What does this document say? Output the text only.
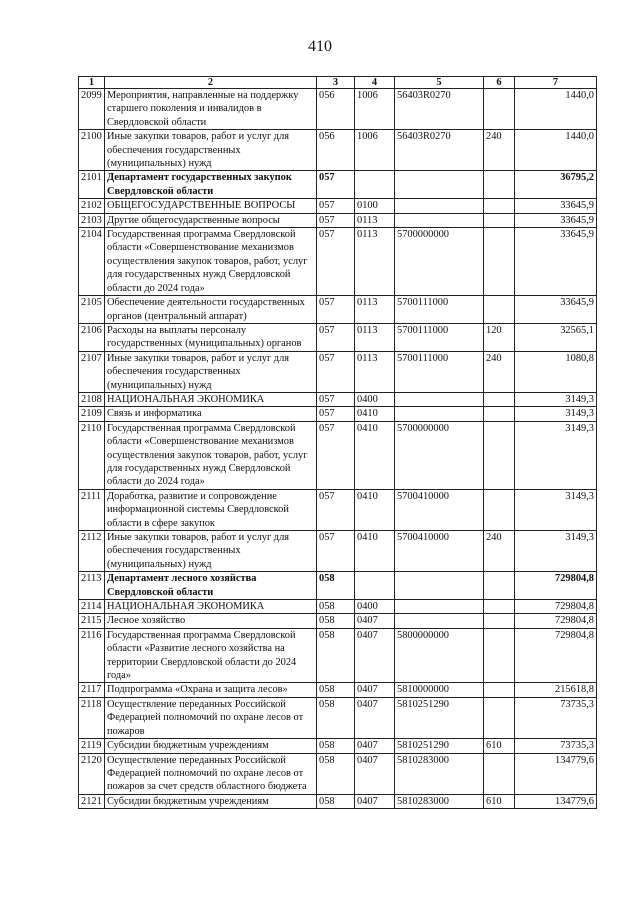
410
1	2	3	4	5	6	7
2099	Мероприятия, направленные на поддержку старшего поколения и инвалидов в Свердловской области	056	1006	56403R0270		1440,0
2100	Иные закупки товаров, работ и услуг для обеспечения государственных (муниципальных) нужд	056	1006	56403R0270	240	1440,0
2101	Департамент государственных закупок Свердловской области	057				36795,2
2102	ОБЩЕГОСУДАРСТВЕННЫЕ ВОПРОСЫ	057	0100			33645,9
2103	Другие общегосударственные вопросы	057	0113			33645,9
2104	Государственная программа Свердловской области «Совершенствование механизмов осуществления закупок товаров, работ, услуг для государственных нужд Свердловской области до 2024 года»	057	0113	5700000000		33645,9
2105	Обеспечение деятельности государственных органов (центральный аппарат)	057	0113	5700111000		33645,9
2106	Расходы на выплаты персоналу государственных (муниципальных) органов	057	0113	5700111000	120	32565,1
2107	Иные закупки товаров, работ и услуг для обеспечения государственных (муниципальных) нужд	057	0113	5700111000	240	1080,8
2108	НАЦИОНАЛЬНАЯ ЭКОНОМИКА	057	0400			3149,3
2109	Связь и информатика	057	0410			3149,3
2110	Государственная программа Свердловской области «Совершенствование механизмов осуществления закупок товаров, работ, услуг для государственных нужд Свердловской области до 2024 года»	057	0410	5700000000		3149,3
2111	Доработка, развитие и сопровождение информационной системы Свердловской области в сфере закупок	057	0410	5700410000		3149,3
2112	Иные закупки товаров, работ и услуг для обеспечения государственных (муниципальных) нужд	057	0410	5700410000	240	3149,3
2113	Департамент лесного хозяйства Свердловской области	058				729804,8
2114	НАЦИОНАЛЬНАЯ ЭКОНОМИКА	058	0400			729804,8
2115	Лесное хозяйство	058	0407			729804,8
2116	Государственная программа Свердловской области «Развитие лесного хозяйства на территории Свердловской области до 2024 года»	058	0407	5800000000		729804,8
2117	Подпрограмма «Охрана и защита лесов»	058	0407	5810000000		215618,8
2118	Осуществление переданных Российской Федерацией полномочий по охране лесов от пожаров	058	0407	5810251290		73735,3
2119	Субсидии бюджетным учреждениям	058	0407	5810251290	610	73735,3
2120	Осуществление переданных Российской Федерацией полномочий по охране лесов от пожаров за счет средств областного бюджета	058	0407	5810283000		134779,6
2121	Субсидии бюджетным учреждениям	058	0407	5810283000	610	134779,6
